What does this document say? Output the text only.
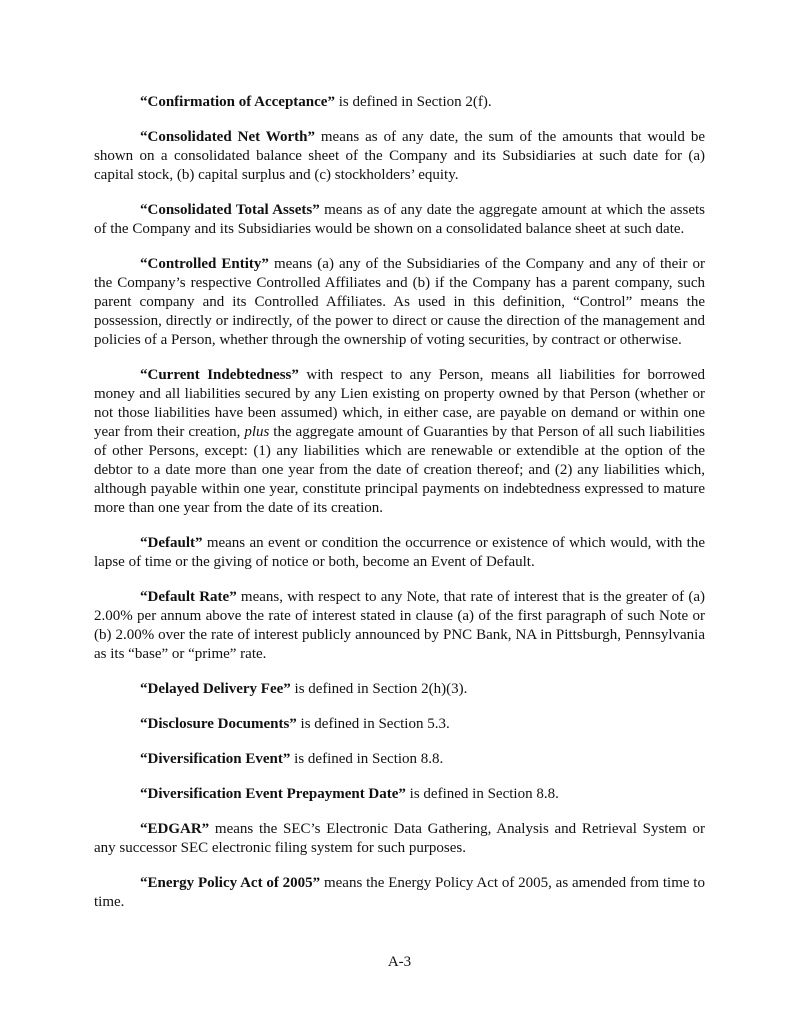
“Confirmation of Acceptance” is defined in Section 2(f).

“Consolidated Net Worth” means as of any date, the sum of the amounts that would be shown on a consolidated balance sheet of the Company and its Subsidiaries at such date for (a) capital stock, (b) capital surplus and (c) stockholders’ equity.

“Consolidated Total Assets” means as of any date the aggregate amount at which the assets of the Company and its Subsidiaries would be shown on a consolidated balance sheet at such date.

“Controlled Entity” means (a) any of the Subsidiaries of the Company and any of their or the Company’s respective Controlled Affiliates and (b) if the Company has a parent company, such parent company and its Controlled Affiliates. As used in this definition, “Control” means the possession, directly or indirectly, of the power to direct or cause the direction of the management and policies of a Person, whether through the ownership of voting securities, by contract or otherwise.

“Current Indebtedness” with respect to any Person, means all liabilities for borrowed money and all liabilities secured by any Lien existing on property owned by that Person (whether or not those liabilities have been assumed) which, in either case, are payable on demand or within one year from their creation, plus the aggregate amount of Guaranties by that Person of all such liabilities of other Persons, except: (1) any liabilities which are renewable or extendible at the option of the debtor to a date more than one year from the date of creation thereof; and (2) any liabilities which, although payable within one year, constitute principal payments on indebtedness expressed to mature more than one year from the date of its creation.

“Default” means an event or condition the occurrence or existence of which would, with the lapse of time or the giving of notice or both, become an Event of Default.

“Default Rate” means, with respect to any Note, that rate of interest that is the greater of (a) 2.00% per annum above the rate of interest stated in clause (a) of the first paragraph of such Note or (b) 2.00% over the rate of interest publicly announced by PNC Bank, NA in Pittsburgh, Pennsylvania as its “base” or “prime” rate.

“Delayed Delivery Fee” is defined in Section 2(h)(3).

“Disclosure Documents” is defined in Section 5.3.

“Diversification Event” is defined in Section 8.8.

“Diversification Event Prepayment Date” is defined in Section 8.8.

“EDGAR” means the SEC’s Electronic Data Gathering, Analysis and Retrieval System or any successor SEC electronic filing system for such purposes.

“Energy Policy Act of 2005” means the Energy Policy Act of 2005, as amended from time to time.

A-3
